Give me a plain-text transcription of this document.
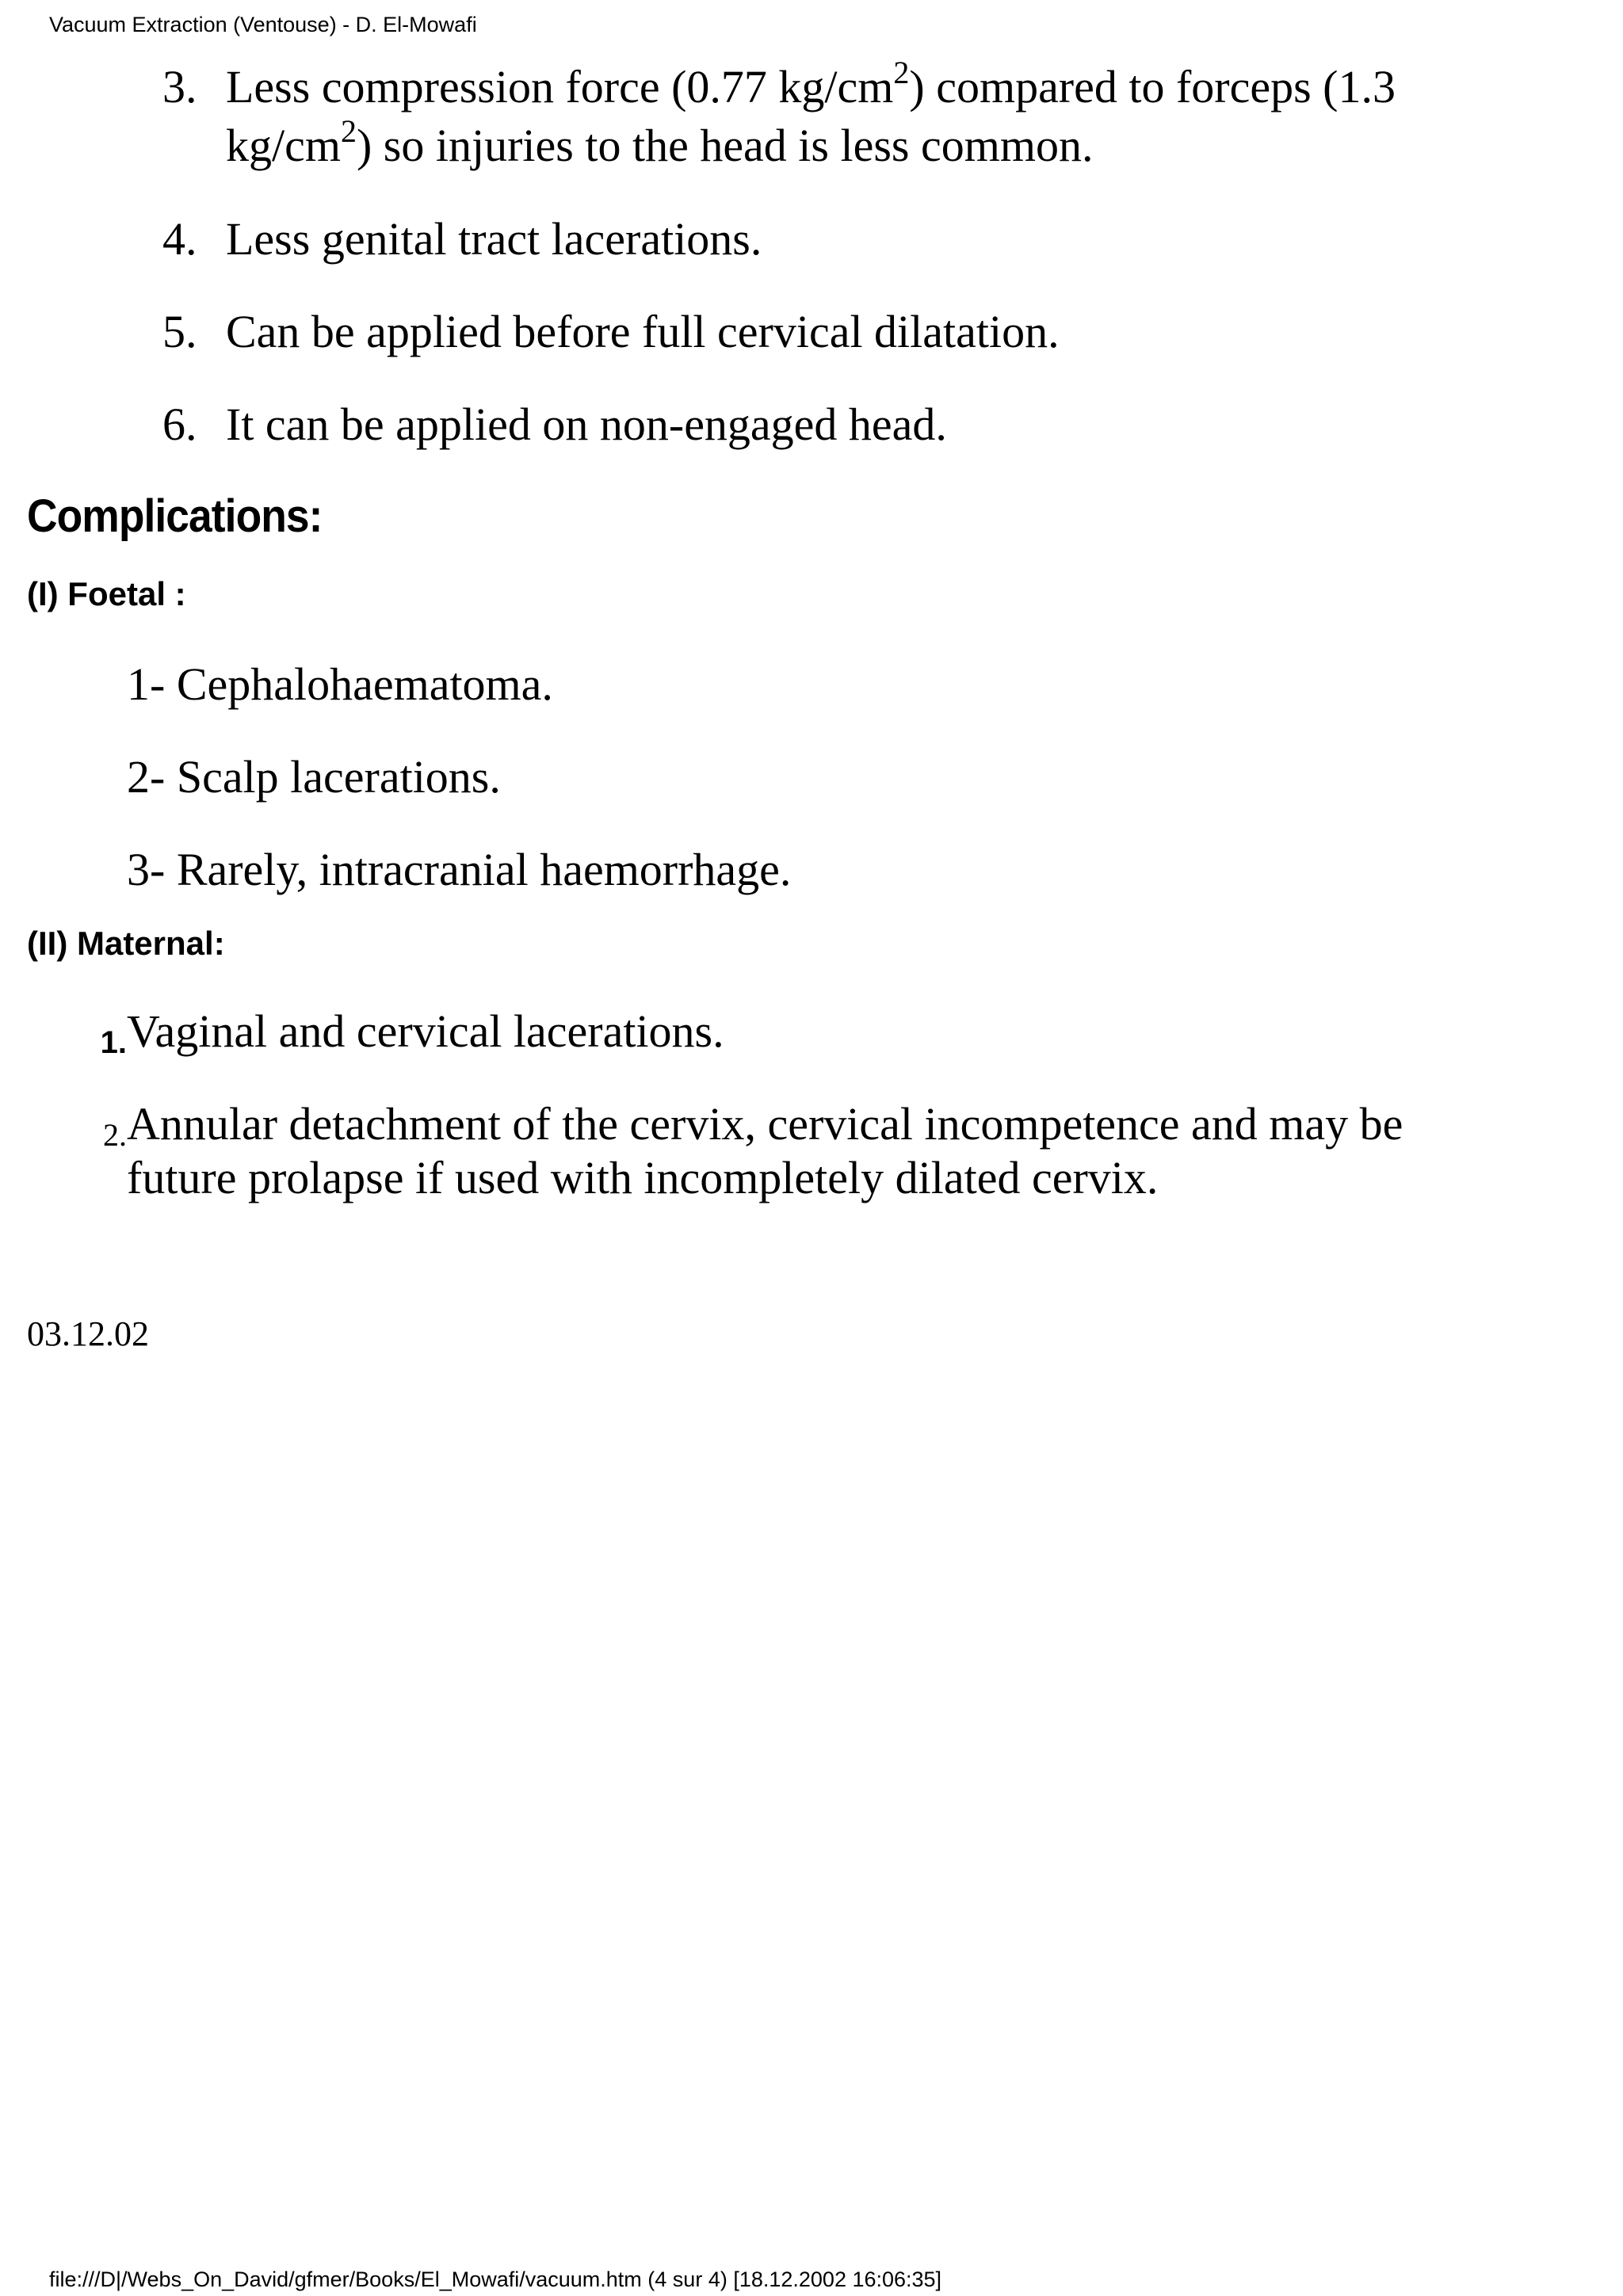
Vacuum Extraction (Ventouse) - D. El-Mowafi
3. Less compression force (0.77 $kg/cm^2$) compared to forceps (1.3
$kg/cm^2$) so injuries to the head is less common.
4. Less genital tract lacerations.
5. Can be applied before full cervical dilatation.
6. It can be applied on non-engaged head.
Complications:
(I) Foetal :
1- Cephalohaematoma.
2- Scalp lacerations.
3- Rarely, intracranial haemorrhage.
(II) Maternal:
1. Vaginal and cervical lacerations.
2. Annular detachment of the cervix, cervical incompetence and may be
future prolapse if used with incompletely dilated cervix.
03.12.02
file:///D|/Webs_On_David/gfmer/Books/El_Mowafi/vacuum.htm (4 sur 4) [18.12.2002 16:06:35]
